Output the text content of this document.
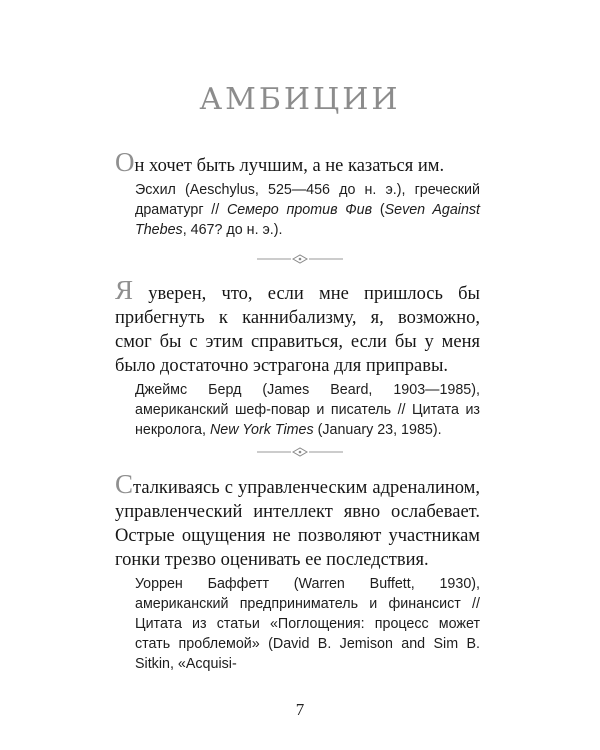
АМБИЦИИ

Он хочет быть лучшим, а не казаться им.

Эсхил (Aeschylus, 525—456 до н. э.), греческий драматург // Семеро против Фив (Seven Against Thebes, 467? до н. э.).

Я уверен, что, если мне пришлось бы прибегнуть к каннибализму, я, возможно, смог бы с этим справиться, если бы у меня было достаточно эстрагона для приправы.

Джеймс Берд (James Beard, 1903—1985), американский шеф-повар и писатель // Цитата из некролога, New York Times (January 23, 1985).

Сталкиваясь с управленческим адреналином, управленческий интеллект явно ослабевает. Острые ощущения не позволяют участникам гонки трезво оценивать ее последствия.

Уоррен Баффетт (Warren Buffett, 1930), американский предприниматель и финансист // Цитата из статьи «Поглощения: процесс может стать проблемой» (David B. Jemison and Sim B. Sitkin, «Acquisi-

7
